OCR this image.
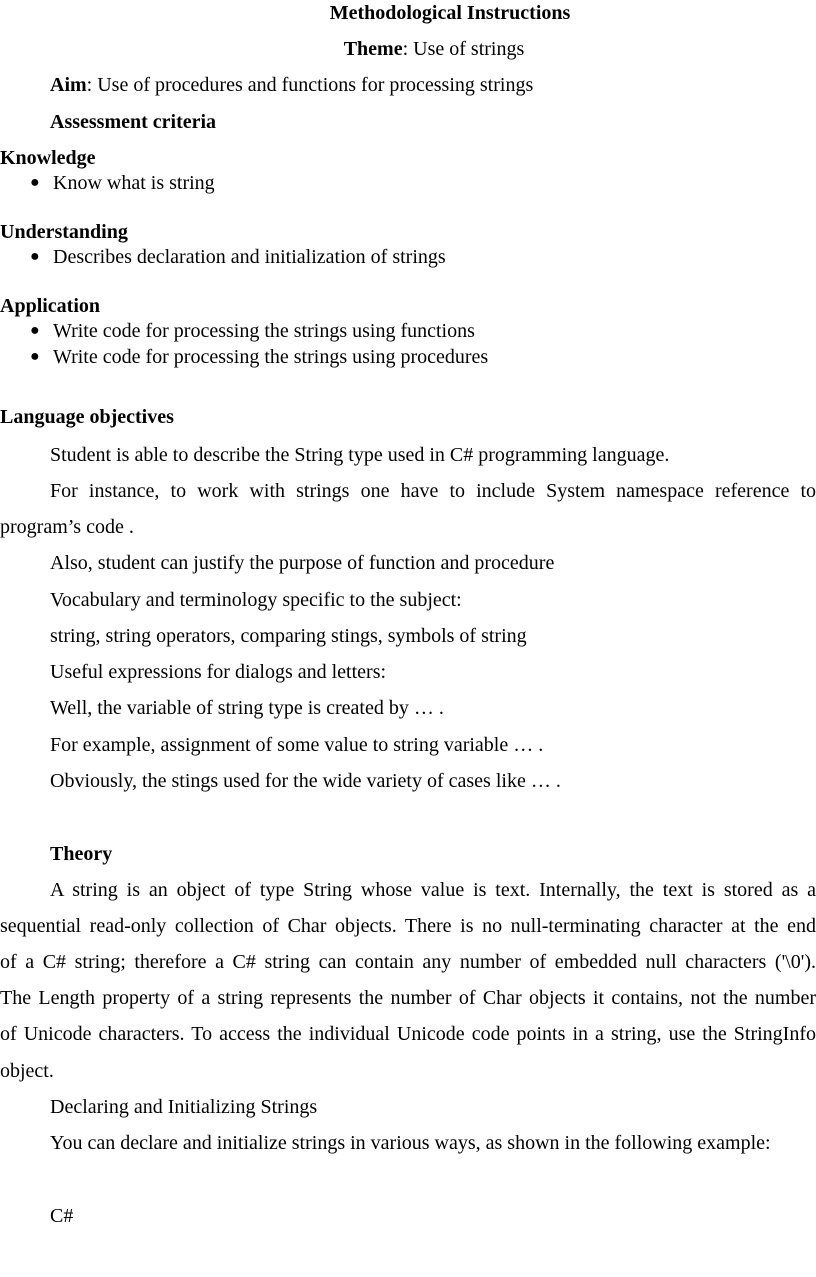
Methodological Instructions
Theme: Use of strings
Aim: Use of procedures and functions for processing strings
Assessment criteria
Knowledge
● Know what is string
Understanding
● Describes declaration and initialization of strings
Application
● Write code for processing the strings using functions
● Write code for processing the strings using procedures
Language objectives
Student is able to describe the String type used in C# programming language.
For instance, to work with strings one have to include System namespace reference to
program’s code .
Also, student can justify the purpose of function and procedure
Vocabulary and terminology specific to the subject:
string, string operators, comparing stings, symbols of string
Useful expressions for dialogs and letters:
Well, the variable of string type is created by … .
For example, assignment of some value to string variable … .
Obviously, the stings used for the wide variety of cases like … .
Theory
A string is an object of type String whose value is text. Internally, the text is stored as a
sequential read-only collection of Char objects. There is no null-terminating character at the end
of a C# string; therefore a C# string can contain any number of embedded null characters ('\0').
The Length property of a string represents the number of Char objects it contains, not the number
of Unicode characters. To access the individual Unicode code points in a string, use the StringInfo
object.
Declaring and Initializing Strings
You can declare and initialize strings in various ways, as shown in the following example:
C#
